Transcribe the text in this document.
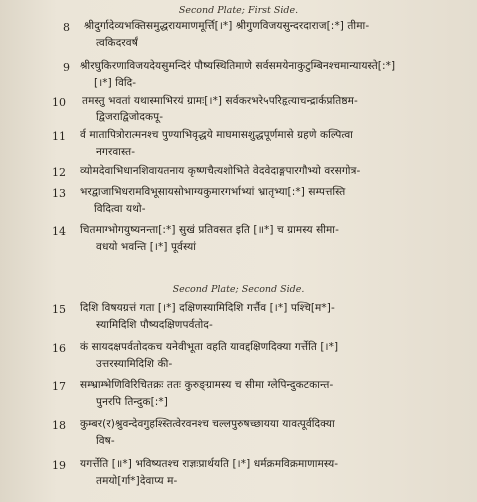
Second Plate; First Side.
8 श्रीदुर्गादेव्यभक्तिसमुद्धरायमाणमूर्त्ति[।*] श्रीगुणविजयसुन्दरदाराज[:*] तीमा-
त्वकिदरवर्षं
9 श्रीरघुकिरणाविजयदेयसुमन्दिरं पौष्यस्थितिमाणे सर्वसमयेनाकुटुम्बिनश्चमान्यायस्ते[:*]
[।*] विदि-
10 तमस्तु भवतां यथास्माभिरयं ग्रामः[।*] सर्वकरभरे५परिहृत्याचन्द्रार्कप्रतिष्ठम-
द्विजराद्विजोदकपू-
11 र्व मातापित्रोरात्मनश्च पुण्याभिवृद्धये माघमासशुद्धपूर्णमासे ग्रहणे कल्पित्वा
नगरवास्त-
12 व्योमदेवाभिधानशिवायतनाय कृष्णचैत्यशोभिते वेदवेदाङ्गपारगौभ्यो वरसगोत्र-
13 भरद्वाजाभिधरामविभूसायसोभाग्यकुमारगर्भाभ्यां भ्रातृभ्या[:*] सम्पत्तस्ति
विदित्वा यथो-
14 चितमाग्भोगयुष्यनन्ता[:*] सुखं प्रतिवसत इति [॥*] च ग्रामस्य सीमा-
वधयो भवन्ति [।*] पूर्वस्यां
Second Plate; Second Side.
15 दिशि विषयग्रत्तं गता [।*] दक्षिणस्यामिदिशि गर्त्तैव [।*] पश्चि[म*]-
स्यामिदिशि पौष्यदक्षिणपर्वतोद-
16 कं सायदक्षपर्वतोदकच यनेवीभूता वहति यावद्दक्षिणदिक्या गर्त्तेति [।*]
उत्तरस्यामिदिशि की-
17 सम्भ्राम्भेणिविरिचितक्रः ततः कुरुङ्ग्रामस्य च सीमा ग्लेपिन्दुकटकान्त-
पुनरपि तिन्दुक[:*]
18 कुम्बर(र)श्रुवन्देवगुहश्स्तित्वेरवनश्च चल्लपुरुषच्छायया यावत्पूर्वदिक्या
विष-
19 यगर्त्तेति [॥*] भविष्यतश्च राज्ञःप्रार्थयति [।*] धर्मक्रमविक्रमाणामस्य-
तमयो[र्गा*]देवाप्य म-
